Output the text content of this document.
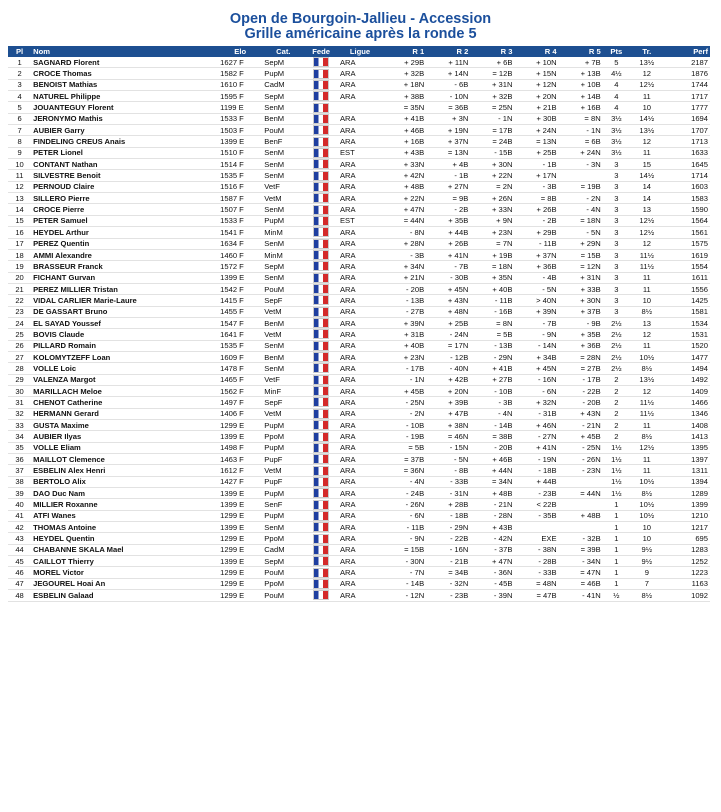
Open de Bourgoin-Jallieu - Accession
Grille américaine après la ronde 5
Pl	Nom	Elo	Cat.	Fede	Ligue	R 1	R 2	R 3	R 4	R 5	Pts	Tr.	Perf
1	SAGNARD Florent	1627 F	SepM		ARA	+ 29B	+ 11N	+ 6B	+ 10N	+ 7B	5	13½	2187
2	CROCE Thomas	1582 F	PupM		ARA	+ 32B	+ 14N	= 12B	+ 15N	+ 13B	4½	12	1876
3	BENOIST Mathias	1610 F	CadM		ARA	+ 18N	- 6B	+ 31N	+ 12N	+ 10B	4	12½	1744
4	NATUREL Philippe	1595 F	SepM		ARA	+ 38B	- 10N	+ 32B	+ 20N	+ 14B	4	11	1717
5	JOUANTEGUY Florent	1199 E	SenM			= 35N	= 36B	= 25N	+ 21B	+ 16B	4	10	1777
6	JERONYMO Mathis	1533 F	BenM		ARA	+ 41B	+ 3N	- 1N	+ 30B	= 8N	3½	14½	1694
7	AUBIER Garry	1503 F	PouM		ARA	+ 46B	+ 19N	= 17B	+ 24N	- 1N	3½	13½	1707
8	FINDELING CREUS Anais	1399 E	BenF		ARA	+ 16B	+ 37N	= 24B	= 13N	= 6B	3½	12	1713
9	PETER Lionel	1510 F	SenM		EST	+ 43B	= 13N	- 15B	+ 25B	+ 24N	3½	11	1633
10	CONTANT Nathan	1514 F	SenM		ARA	+ 33N	+ 4B	+ 30N	- 1B	- 3N	3	15	1645
11	SILVESTRE Benoit	1535 F	SenM		ARA	+ 42N	- 1B	+ 22N	+ 17N		3	14½	1714
12	PERNOUD Claire	1516 F	VetF		ARA	+ 48B	+ 27N	= 2N	- 3B	= 19B	3	14	1603
13	SILLERO Pierre	1587 F	VetM		ARA	+ 22N	= 9B	+ 26N	= 8B	- 2N	3	14	1583
14	CROCE Pierre	1507 F	SenM		ARA	+ 47N	- 2B	+ 33N	+ 26B	- 4N	3	13	1590
15	PETER Samuel	1533 F	PupM		EST	= 44N	+ 35B	+ 9N	- 2B	= 18N	3	12½	1564
16	HEYDEL Arthur	1541 F	MinM		ARA	- 8N	+ 44B	+ 23N	+ 29B	- 5N	3	12½	1561
17	PEREZ Quentin	1634 F	SenM		ARA	+ 28N	+ 26B	= 7N	- 11B	+ 29N	3	12	1575
18	AMMI Alexandre	1460 F	MinM		ARA	- 3B	+ 41N	+ 19B	+ 37N	= 15B	3	11½	1619
19	BRASSEUR Franck	1572 F	SepM		ARA	+ 34N	- 7B	= 18N	+ 36B	= 12N	3	11½	1554
20	FICHANT Gurvan	1399 E	SenM		ARA	+ 21N	- 30B	+ 35N	- 4B	+ 31N	3	11	1611
21	PEREZ MILLIER Tristan	1542 F	PouM		ARA	- 20B	+ 45N	+ 40B	- 5N	+ 33B	3	11	1556
22	VIDAL CARLIER Marie-Laure	1415 F	SepF		ARA	- 13B	+ 43N	- 11B	> 40N	+ 30N	3	10	1425
23	DE GASSART Bruno	1455 F	VetM		ARA	- 27B	+ 48N	- 16B	+ 39N	+ 37B	3	8½	1581
24	EL SAYAD Youssef	1547 F	BenM		ARA	+ 39N	+ 25B	= 8N	- 7B	- 9B	2½	13	1534
25	BOVIS Claude	1641 F	VetM		ARA	+ 31B	- 24N	= 5B	- 9N	+ 35B	2½	12	1531
26	PILLARD Romain	1535 F	SenM		ARA	+ 40B	= 17N	- 13B	- 14N	+ 36B	2½	11	1520
27	KOLOMYTZEFF Loan	1609 F	BenM		ARA	+ 23N	- 12B	- 29N	+ 34B	= 28N	2½	10½	1477
28	VOLLE Loic	1478 F	SenM		ARA	- 17B	- 40N	+ 41B	+ 45N	= 27B	2½	8½	1494
29	VALENZA Margot	1465 F	VetF		ARA	- 1N	+ 42B	+ 27B	- 16N	- 17B	2	13½	1492
30	MARILLACH Meloe	1562 F	MinF		ARA	+ 45B	+ 20N	- 10B	- 6N	- 22B	2	12	1409
31	CHENOT Catherine	1497 F	SepF		ARA	- 25N	+ 39B	- 3B	+ 32N	- 20B	2	11½	1466
32	HERMANN Gerard	1406 F	VetM		ARA	- 2N	+ 47B	- 4N	- 31B	+ 43N	2	11½	1346
33	GUSTA Maxime	1299 E	PupM		ARA	- 10B	+ 38N	- 14B	+ 46N	- 21N	2	11	1408
34	AUBIER Ilyas	1399 E	PpoM		ARA	- 19B	= 46N	= 38B	- 27N	+ 45B	2	8½	1413
35	VOLLE Eliam	1498 F	PupM		ARA	= 5B	- 15N	- 20B	+ 41N	- 25N	1½	12½	1395
36	MAILLOT Clemence	1463 F	PupF		ARA	= 37B	- 5N	+ 46B	- 19N	- 26N	1½	11	1397
37	ESBELIN Alex Henri	1612 F	VetM		ARA	= 36N	- 8B	+ 44N	- 18B	- 23N	1½	11	1311
38	BERTOLO Alix	1427 F	PupF		ARA	- 4N	- 33B	= 34N	+ 44B		1½	10½	1394
39	DAO Duc Nam	1399 E	PupM		ARA	- 24B	- 31N	+ 48B	- 23B	= 44N	1½	8½	1289
40	MILLIER Roxanne	1399 E	SenF		ARA	- 26N	+ 28B	- 21N	< 22B		1	10½	1399
41	ATFI Wanes	1299 E	PupM		ARA	- 6N	- 18B	- 28N	- 35B	+ 48B	1	10½	1210
42	THOMAS Antoine	1399 E	SenM		ARA	- 11B	- 29N	+ 43B			1	10	1217
43	HEYDEL Quentin	1299 E	PpoM		ARA	- 9N	- 22B	- 42N	EXE	- 32B	1	10	695
44	CHABANNE SKALA Mael	1299 E	CadM		ARA	= 15B	- 16N	- 37B	- 38N	= 39B	1	9½	1283
45	CAILLOT Thierry	1399 E	SepM		ARA	- 30N	- 21B	+ 47N	- 28B	- 34N	1	9½	1252
46	MOREL Victor	1299 E	PouM		ARA	- 7N	= 34B	- 36N	- 33B	= 47N	1	9	1223
47	JEGOUREL Hoai An	1299 E	PpoM		ARA	- 14B	- 32N	- 45B	= 48N	= 46B	1	7	1163
48	ESBELIN Galaad	1299 E	PouM		ARA	- 12N	- 23B	- 39N	= 47B	- 41N	½	8½	1092
